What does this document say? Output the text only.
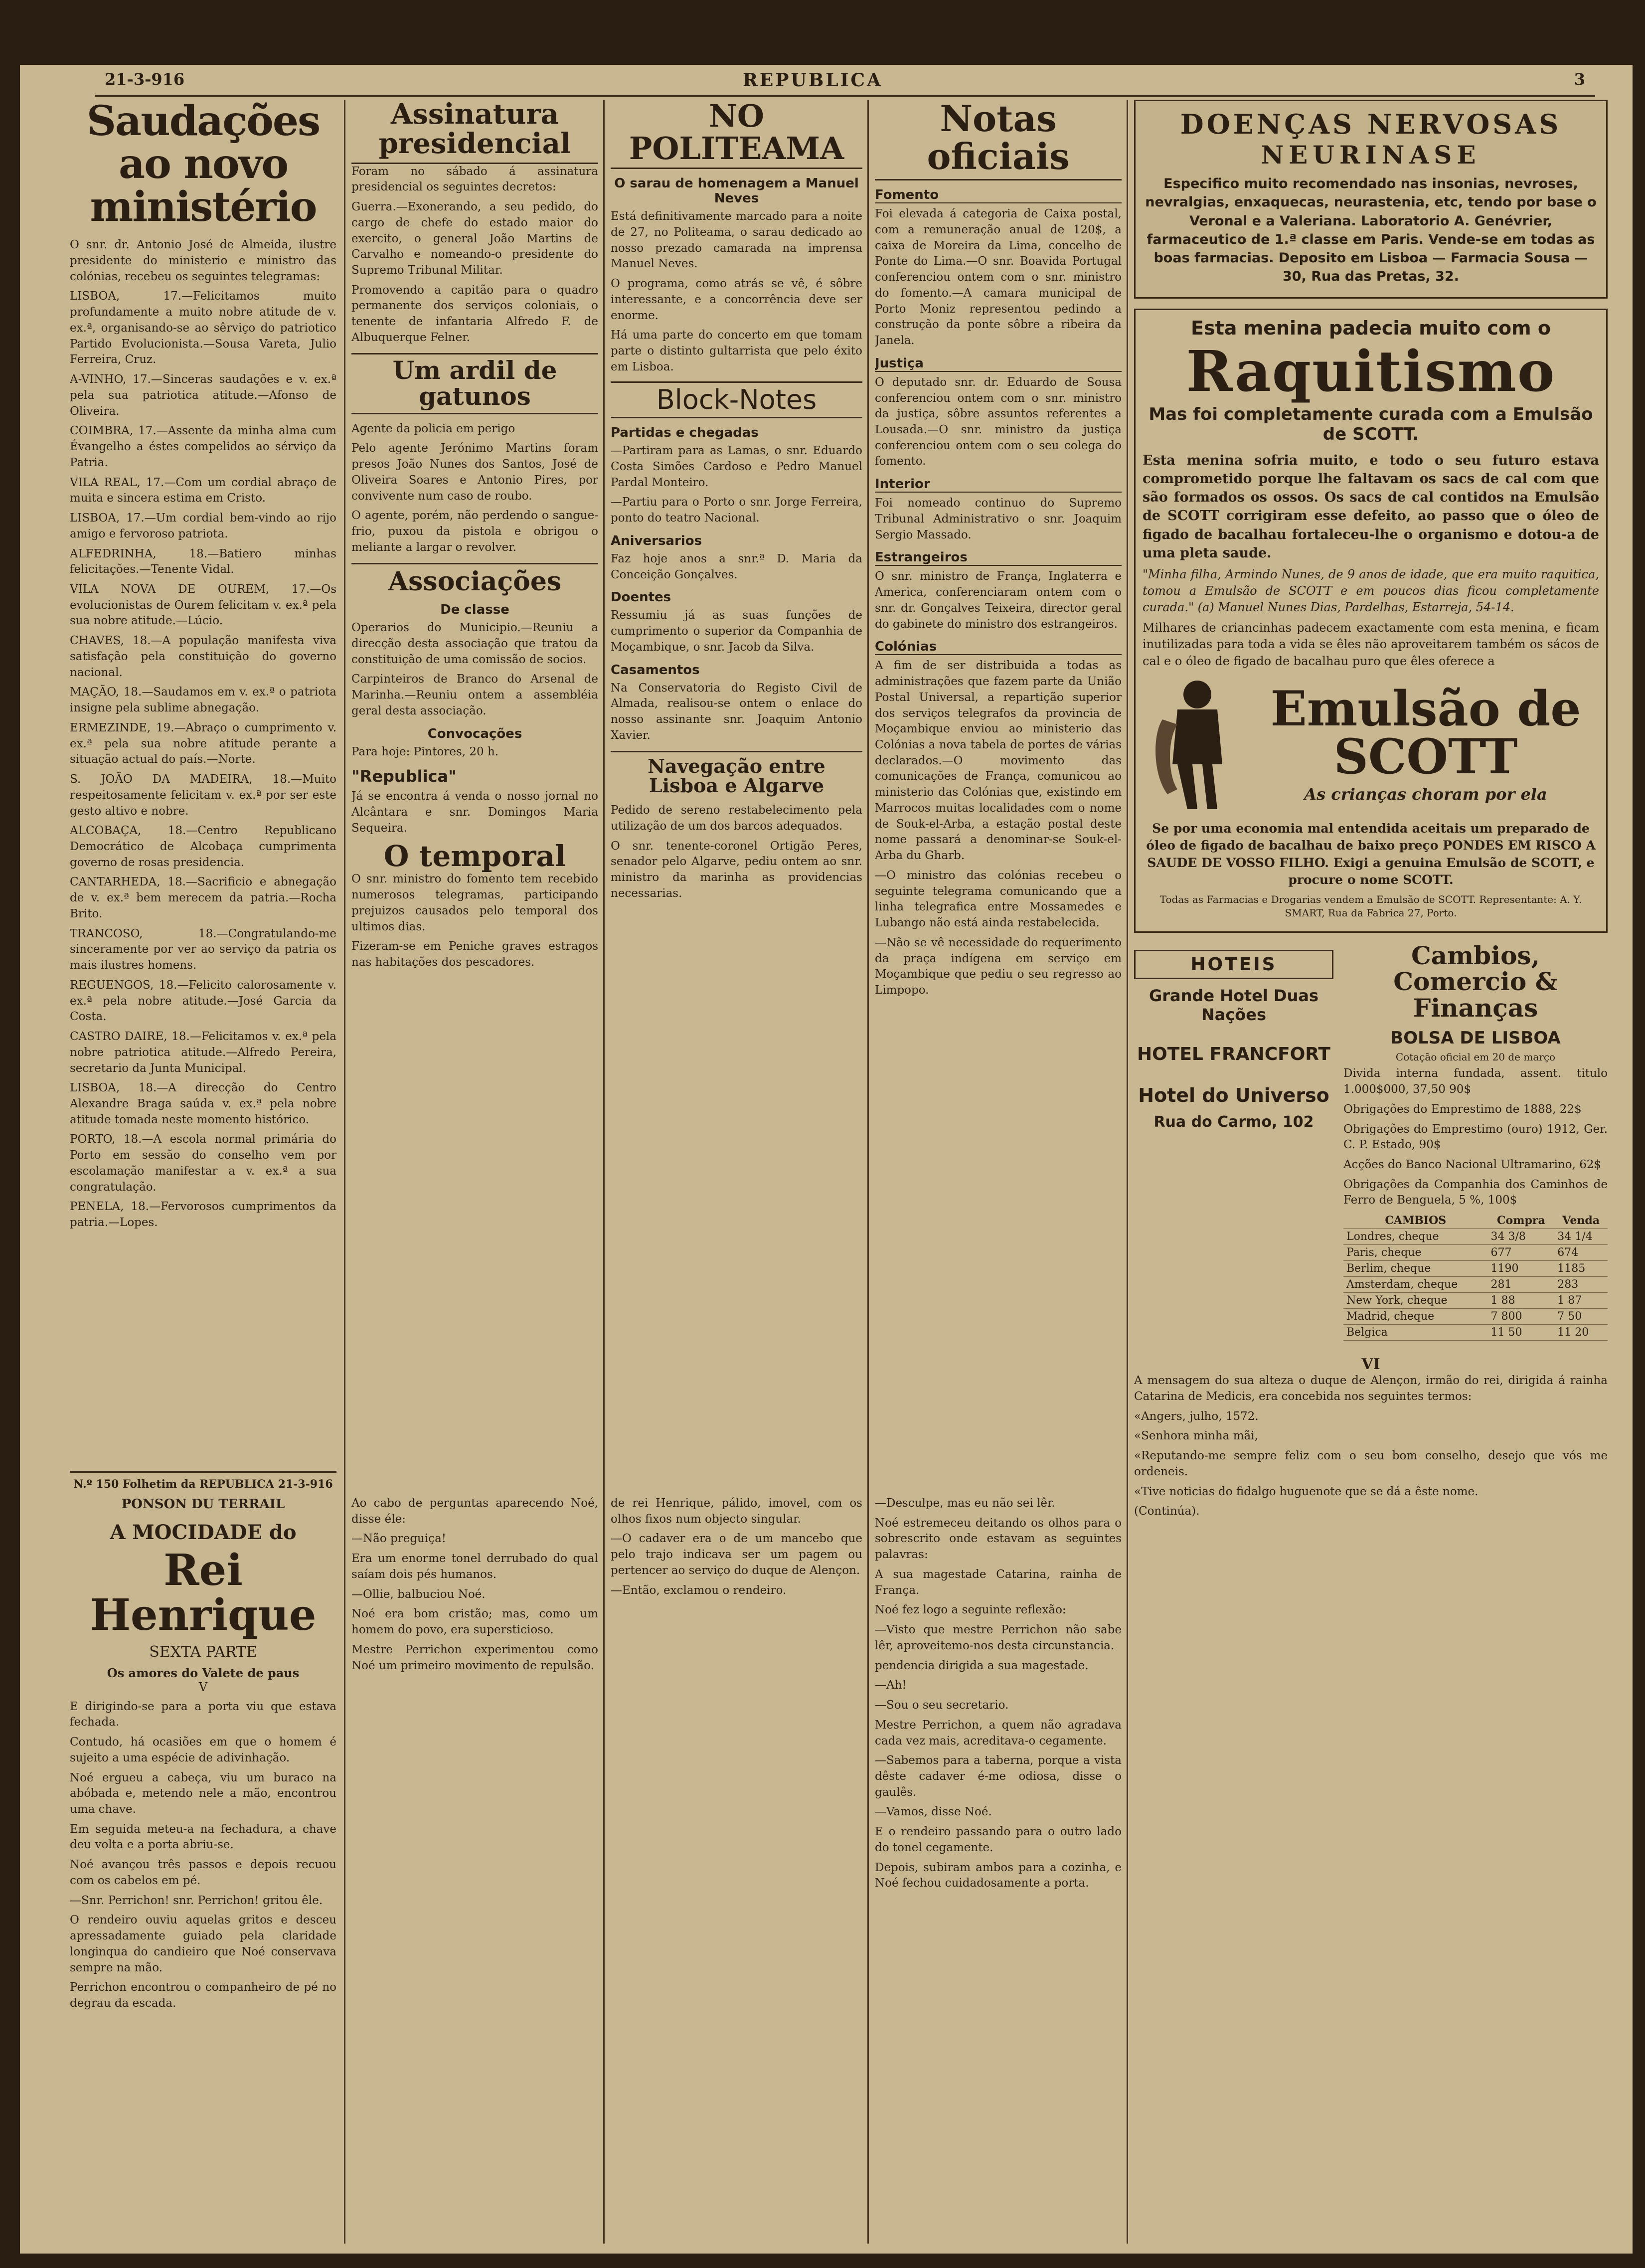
21-3-916	REPUBLICA	3
Saudações ao novo ministério

O snr. dr. Antonio José de Almeida, ilustre presidente do ministerio e ministro das colónias, recebeu os seguintes telegramas:

LISBOA, 17.—Felicitamos muito profundamente a muito nobre atitude de v. ex.ª, organisando-se ao sêrviço do patriotico Partido Evolucionista.—Sousa Vareta, Julio Ferreira, Cruz.

A-VINHO, 17.—Sinceras saudações e v. ex.ª pela sua patriotica atitude.—Afonso de Oliveira.

COIMBRA, 17.—Assente da minha alma cum Évangelho a éstes compelidos ao sérviço da Patria.

VILA REAL, 17.—Com um cordial abraço de muita e sincera estima em Cristo.

LISBOA, 17.—Um cordial bem-vindo ao rijo amigo e fervoroso patriota.

ALFEDRINHA, 18.—Batiero minhas felicitações.—Tenente Vidal.

VILA NOVA DE OUREM, 17.—Os evolucionistas de Ourem felicitam v. ex.ª pela sua nobre atitude.—Lúcio.

CHAVES, 18.—A população manifesta viva satisfação pela constituição do governo nacional.

MAÇÃO, 18.—Saudamos em v. ex.ª o patriota insigne pela sublime abnegação.

ERMEZINDE, 19.—Abraço o cumprimento v. ex.ª pela sua nobre atitude perante a situação actual do país.—Norte.

S. JOÃO DA MADEIRA, 18.—Muito respeitosamente felicitam v. ex.ª por ser este gesto altivo e nobre.

ALCOBAÇA, 18.—Centro Republicano Democrático de Alcobaça cumprimenta governo de rosas presidencia.

CANTARHEDA, 18.—Sacrificio e abnegação de v. ex.ª bem merecem da patria.—Rocha Brito.

TRANCOSO, 18.—Congratulando-me sinceramente por ver ao serviço da patria os mais ilustres homens.

REGUENGOS, 18.—Felicito calorosamente v. ex.ª pela nobre atitude.—José Garcia da Costa.

CASTRO DAIRE, 18.—Felicitamos v. ex.ª pela nobre patriotica atitude.—Alfredo Pereira, secretario da Junta Municipal.

LISBOA, 18.—A direcção do Centro Alexandre Braga saúda v. ex.ª pela nobre atitude tomada neste momento histórico.

PORTO, 18.—A escola normal primária do Porto em sessão do conselho vem por escolamação manifestar a v. ex.ª a sua congratulação.

PENELA, 18.—Fervorosos cumprimentos da patria.—Lopes.

N.º 150 Folhetim da REPUBLICA 21-3-916
PONSON DU TERRAIL
A MOCIDADE do
Rei Henrique
SEXTA PARTE
Os amores do Valete de paus
V

E dirigindo-se para a porta viu que estava fechada.

Contudo, há ocasiões em que o homem é sujeito a uma espécie de adivinhação.

Noé ergueu a cabeça, viu um buraco na abóbada e, metendo nele a mão, encontrou uma chave.

Em seguida meteu-a na fechadura, a chave deu volta e a porta abriu-se.

Noé avançou três passos e depois recuou com os cabelos em pé.

—Snr. Perrichon! snr. Perrichon! gritou êle.

O rendeiro ouviu aquelas gritos e desceu apressadamente guiado pela claridade longinqua do candieiro que Noé conservava sempre na mão.

Perrichon encontrou o companheiro de pé no degrau da escada.

Assinatura presidencial

Foram no sábado á assinatura presidencial os seguintes decretos:

Guerra.—Exonerando, a seu pedido, do cargo de chefe do estado maior do exercito, o general João Martins de Carvalho e nomeando-o presidente do Supremo Tribunal Militar.

Promovendo a capitão para o quadro permanente dos serviços coloniais, o tenente de infantaria Alfredo F. de Albuquerque Felner.

Um ardil de gatunos

Agente da policia em perigo

Pelo agente Jerónimo Martins foram presos João Nunes dos Santos, José de Oliveira Soares e Antonio Pires, por convivente num caso de roubo.

O agente, porém, não perdendo o sangue-frio, puxou da pistola e obrigou o meliante a largar o revolver.

Associações
De classe

Operarios do Municipio.—Reuniu a direcção desta associação que tratou da constituição de uma comissão de socios.

Carpinteiros de Branco do Arsenal de Marinha.—Reuniu ontem a assembléia geral desta associação.

Convocações

Para hoje: Pintores, 20 h.

"Republica"

Já se encontra á venda o nosso jornal no Alcântara e snr. Domingos Maria Sequeira.

O temporal

O snr. ministro do fomento tem recebido numerosos telegramas, participando prejuizos causados pelo temporal dos ultimos dias.

Fizeram-se em Peniche graves estragos nas habitações dos pescadores.

Ao cabo de perguntas aparecendo Noé, disse éle:

—Não preguiça!

Era um enorme tonel derrubado do qual saíam dois pés humanos.

—Ollie, balbuciou Noé.

Noé era bom cristão; mas, como um homem do povo, era supersticioso.

Mestre Perrichon experimentou como Noé um primeiro movimento de repulsão.

NO POLITEAMA
O sarau de homenagem a Manuel Neves

Está definitivamente marcado para a noite de 27, no Politeama, o sarau dedicado ao nosso prezado camarada na imprensa Manuel Neves.

O programa, como atrás se vê, é sôbre interessante, e a concorrência deve ser enorme.

Há uma parte do concerto em que tomam parte o distinto gultarrista que pelo éxito em Lisboa.

Block-Notes
Partidas e chegadas

—Partiram para as Lamas, o snr. Eduardo Costa Simões Cardoso e Pedro Manuel Pardal Monteiro.

—Partiu para o Porto o snr. Jorge Ferreira, ponto do teatro Nacional.

Aniversarios

Faz hoje anos a snr.ª D. Maria da Conceição Gonçalves.

Doentes

Ressumiu já as suas funções de cumprimento o superior da Companhia de Moçambique, o snr. Jacob da Silva.

Casamentos

Na Conservatoria do Registo Civil de Almada, realisou-se ontem o enlace do nosso assinante snr. Joaquim Antonio Xavier.

Navegação entre Lisboa e Algarve

Pedido de sereno restabelecimento pela utilização de um dos barcos adequados.

O snr. tenente-coronel Ortigão Peres, senador pelo Algarve, pediu ontem ao snr. ministro da marinha as providencias necessarias.

de rei Henrique, pálido, imovel, com os olhos fixos num objecto singular.

—O cadaver era o de um mancebo que pelo trajo indicava ser um pagem ou pertencer ao serviço do duque de Alençon.

—Então, exclamou o rendeiro.

Notas oficiais
Fomento

Foi elevada á categoria de Caixa postal, com a remuneração anual de 120$, a caixa de Moreira da Lima, concelho de Ponte do Lima.—O snr. Boavida Portugal conferenciou ontem com o snr. ministro do fomento.—A camara municipal de Porto Moniz representou pedindo a construção da ponte sôbre a ribeira da Janela.

Justiça

O deputado snr. dr. Eduardo de Sousa conferenciou ontem com o snr. ministro da justiça, sôbre assuntos referentes a Lousada.—O snr. ministro da justiça conferenciou ontem com o seu colega do fomento.

Interior

Foi nomeado continuo do Supremo Tribunal Administrativo o snr. Joaquim Sergio Massado.

Estrangeiros

O snr. ministro de França, Inglaterra e America, conferenciaram ontem com o snr. dr. Gonçalves Teixeira, director geral do gabinete do ministro dos estrangeiros.

Colónias

A fim de ser distribuida a todas as administrações que fazem parte da União Postal Universal, a repartição superior dos serviços telegrafos da provincia de Moçambique enviou ao ministerio das Colónias a nova tabela de portes de várias declarados.—O movimento das comunicações de França, comunicou ao ministerio das Colónias que, existindo em Marrocos muitas localidades com o nome de Souk-el-Arba, a estação postal deste nome passará a denominar-se Souk-el-Arba du Gharb.

—O ministro das colónias recebeu o seguinte telegrama comunicando que a linha telegrafica entre Mossamedes e Lubango não está ainda restabelecida.

—Não se vê necessidade do requerimento da praça indígena em serviço em Moçambique que pediu o seu regresso ao Limpopo.

—Desculpe, mas eu não sei lêr.

Noé estremeceu deitando os olhos para o sobrescrito onde estavam as seguintes palavras:

A sua magestade Catarina, rainha de França.

Noé fez logo a seguinte reflexão:

—Visto que mestre Perrichon não sabe lêr, aproveitemo-nos desta circunstancia.

pendencia dirigida a sua magestade.

—Ah!

—Sou o seu secretario.

Mestre Perrichon, a quem não agradava cada vez mais, acreditava-o cegamente.

—Sabemos para a taberna, porque a vista dêste cadaver é-me odiosa, disse o gaulês.

—Vamos, disse Noé.

E o rendeiro passando para o outro lado do tonel cegamente.

Depois, subiram ambos para a cozinha, e Noé fechou cuidadosamente a porta.

DOENÇAS NERVOSAS
NEURINASE

Especifico muito recomendado nas insonias, nevroses, nevralgias, enxaquecas, neurastenia, etc, tendo por base o Veronal e a Valeriana. Laboratorio A. Genévrier, farmaceutico de 1.ª classe em Paris. Vende-se em todas as boas farmacias. Deposito em Lisboa — Farmacia Sousa — 30, Rua das Pretas, 32.

Esta menina padecia muito com o
Raquitismo
Mas foi completamente curada com a Emulsão de SCOTT.

Esta menina sofria muito, e todo o seu futuro estava comprometido porque lhe faltavam os sacs de cal com que são formados os ossos. Os sacs de cal contidos na Emulsão de SCOTT corrigiram esse defeito, ao passo que o óleo de figado de bacalhau fortaleceu-lhe o organismo e dotou-a de uma pleta saude.

"Minha filha, Armindo Nunes, de 9 anos de idade, que era muito raquitica, tomou a Emulsão de SCOTT e em poucos dias ficou completamente curada." (a) Manuel Nunes Dias, Pardelhas, Estarreja, 54-14.

Milhares de criancinhas padecem exactamente com esta menina, e ficam inutilizadas para toda a vida se êles não aproveitarem também os sácos de cal e o óleo de figado de bacalhau puro que êles oferece a

Emulsão de SCOTT
As crianças choram por ela

Se por uma economia mal entendida aceitais um preparado de óleo de figado de bacalhau de baixo preço PONDES EM RISCO A SAUDE DE VOSSO FILHO. Exigi a genuina Emulsão de SCOTT, e procure o nome SCOTT.

Todas as Farmacias e Drogarias vendem a Emulsão de SCOTT. Representante: A. Y. SMART, Rua da Fabrica 27, Porto.

HOTEIS
Grande Hotel Duas Nações
HOTEL FRANCFORT
Hotel do Universo
Rua do Carmo, 102
Cambios, Comercio & Finanças
BOLSA DE LISBOA
Cotação oficial em 20 de março

Divida interna fundada, assent. titulo 1.000$000, 37,50 90$

Obrigações do Emprestimo de 1888, 22$

Obrigações do Emprestimo (ouro) 1912, Ger. C. P. Estado, 90$

Acções do Banco Nacional Ultramarino, 62$

Obrigações da Companhia dos Caminhos de Ferro de Benguela, 5 %, 100$

CAMBIOS	Compra	Venda
Londres, cheque	34 3/8	34 1/4
Paris, cheque	677	674
Berlim, cheque	1190	1185
Amsterdam, cheque	281	283
New York, cheque	1 88	1 87
Madrid, cheque	7 800	7 50
Belgica	11 50	11 20
VI

A mensagem do sua alteza o duque de Alençon, irmão do rei, dirigida á rainha Catarina de Medicis, era concebida nos seguintes termos:

«Angers, julho, 1572.

«Senhora minha mãi,

«Reputando-me sempre feliz com o seu bom conselho, desejo que vós me ordeneis.

«Tive noticias do fidalgo huguenote que se dá a êste nome.

(Continúa).
